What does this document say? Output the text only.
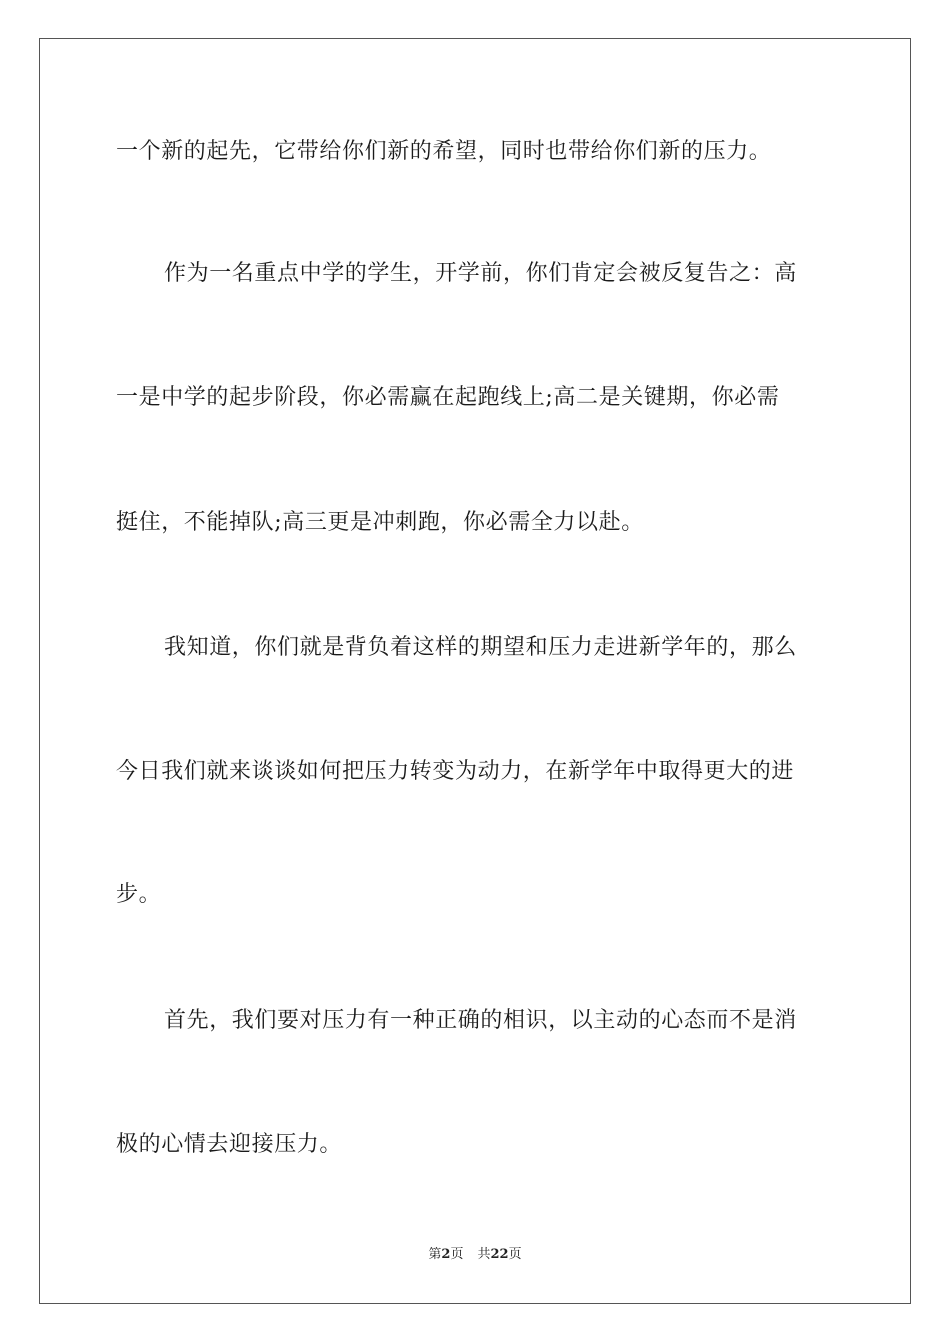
一个新的起先，它带给你们新的希望，同时也带给你们新的压力。
作为一名重点中学的学生，开学前，你们肯定会被反复告之：高
一是中学的起步阶段，你必需赢在起跑线上;高二是关键期，你必需
挺住，不能掉队;高三更是冲刺跑，你必需全力以赴。
我知道，你们就是背负着这样的期望和压力走进新学年的，那么
今日我们就来谈谈如何把压力转变为动力，在新学年中取得更大的进
步。
首先，我们要对压力有一种正确的相识，以主动的心态而不是消
极的心情去迎接压力。
第2页 共22页
